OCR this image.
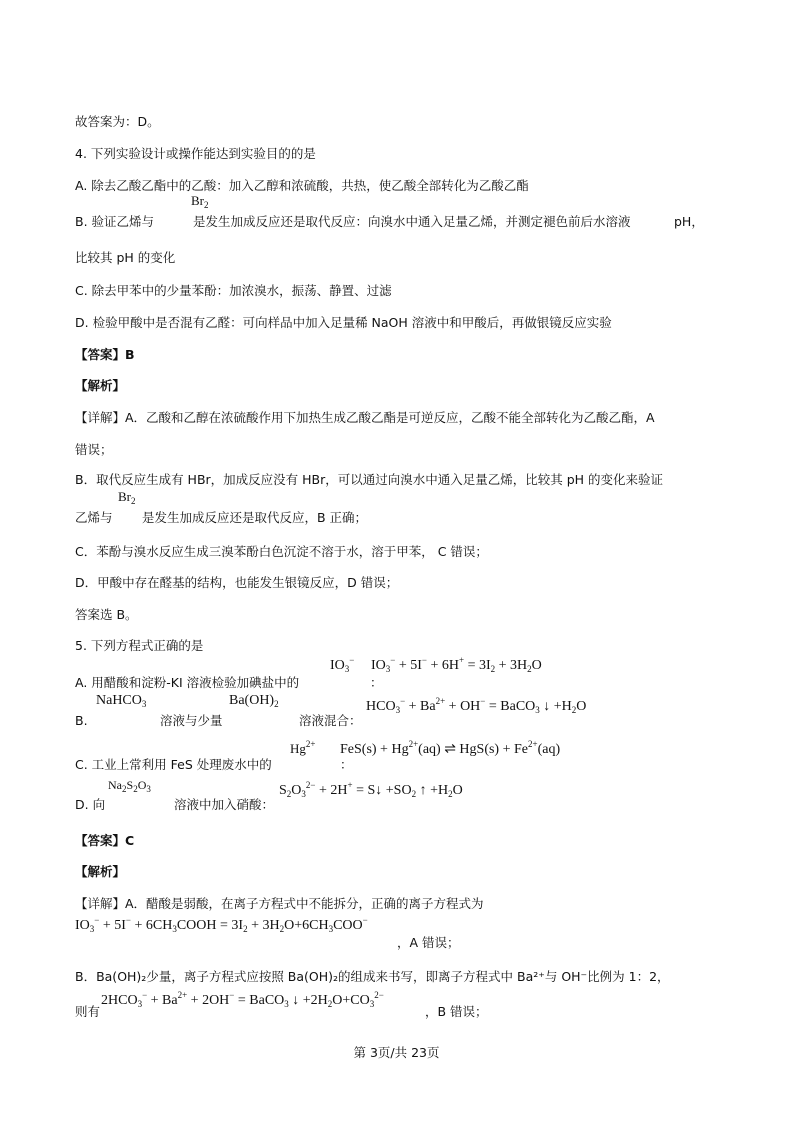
故答案为：D。
4. 下列实验设计或操作能达到实验目的的是
A. 除去乙酸乙酯中的乙酸：加入乙醇和浓硫酸，共热，使乙酸全部转化为乙酸乙酯
$Br_2$
B. 验证乙烯与	是发生加成反应还是取代反应：向溴水中通入足量乙烯，并测定褪色前后水溶液	pH，
比较其 pH 的变化
C. 除去甲苯中的少量苯酚：加浓溴水，振荡、静置、过滤
D. 检验甲酸中是否混有乙醛：可向样品中加入足量稀 NaOH 溶液中和甲酸后，再做银镜反应实验
【答案】B
【解析】
【详解】A．乙酸和乙醇在浓硫酸作用下加热生成乙酸乙酯是可逆反应，乙酸不能全部转化为乙酸乙酯，A
错误；
B．取代反应生成有 HBr，加成反应没有 HBr，可以通过向溴水中通入足量乙烯，比较其 pH 的变化来验证
$Br_2$
乙烯与 是发生加成反应还是取代反应，B 正确；
C．苯酚与溴水反应生成三溴苯酚白色沉淀不溶于水，溶于甲苯， C 错误；
D．甲酸中存在醛基的结构，也能发生银镜反应，D 错误；
答案选 B。
5. 下列方程式正确的是
$IO_3^-$ $IO_3^- + 5I^- + 6H^+ = 3I_2 + 3H_2O$
A. 用醋酸和淀粉-KI 溶液检验加碘盐中的	：
NaHCO$_3$	$Ba(OH)_2$	$HCO_3^- + Ba^{2+} + OH^-$ = BaCO$_3$ ↓ $+H_2O$
B.	溶液与少量	溶液混合：
$Hg^{2+}$ $FeS(s) + Hg^{2+}(aq)$ ⇌ $HgS(s) + Fe^{2+}(aq)$
C. 工业上常利用 FeS 处理废水中的	：
$Na_2S_2O_3$	$S_2O_3^{2-} + 2H^+$ = S↓ $+SO_2$ ↑ $+H_2O$
D. 向	溶液中加入硝酸：
【答案】C
【解析】
【详解】A．醋酸是弱酸，在离子方程式中不能拆分，正确的离子方程式为
$IO_3^- + 5I^-$ + $6CH_3COOH = 3I_2 + 3H_2O+6CH_3COO^-$
，A 错误；
B．Ba(OH)₂少量，离子方程式应按照 Ba(OH)₂的组成来书写，即离子方程式中 Ba²⁺与 OH⁻比例为 1：2，
$2HCO_3^- + Ba^{2+} + 2OH^-$ = BaCO$_3$ ↓ $+2H_2O+CO_3^{2-}$
则有	，B 错误；
第 3页/共 23页
